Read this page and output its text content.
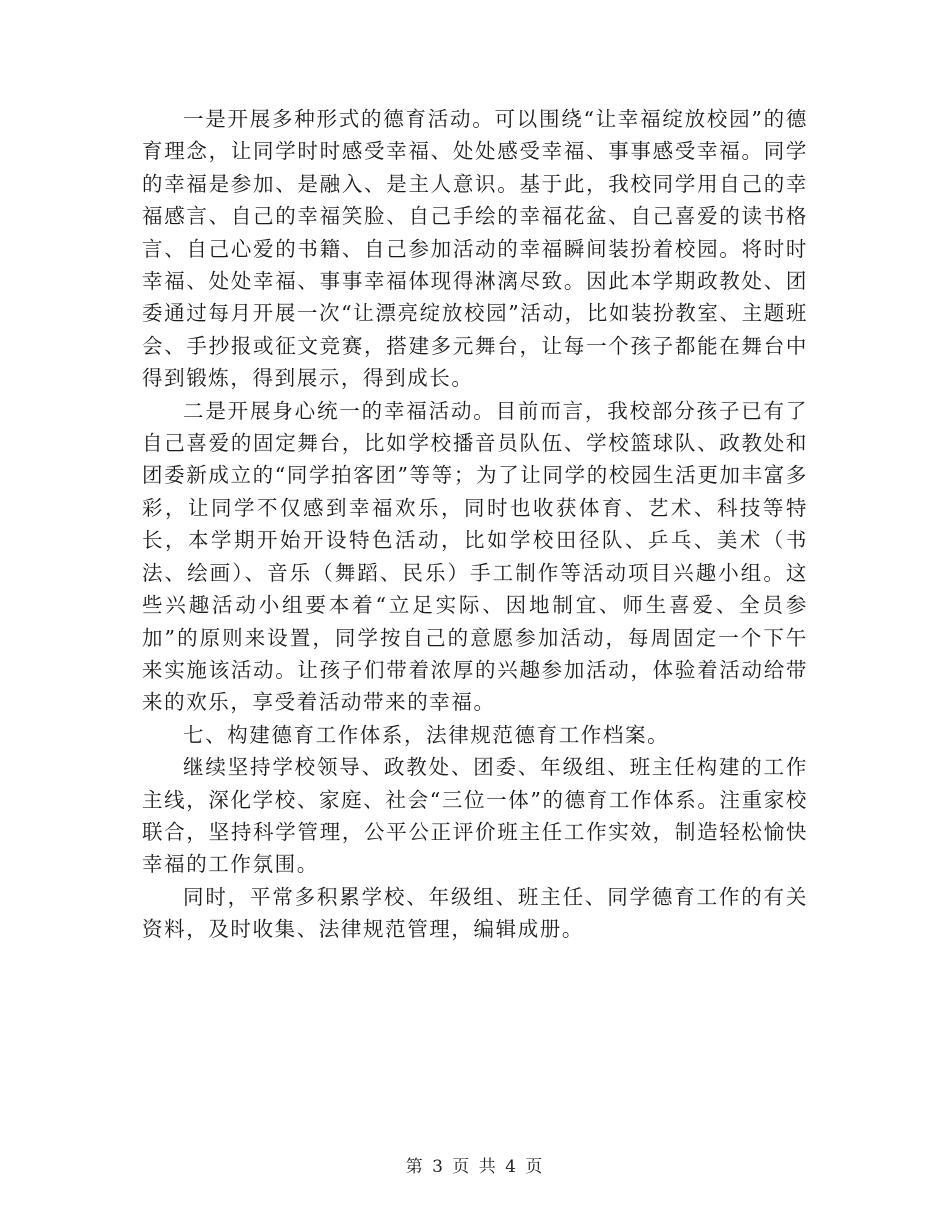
一是开展多种形式的德育活动。可以围绕“让幸福绽放校园”的德育理念，让同学时时感受幸福、处处感受幸福、事事感受幸福。同学的幸福是参加、是融入、是主人意识。基于此，我校同学用自己的幸福感言、自己的幸福笑脸、自己手绘的幸福花盆、自己喜爱的读书格言、自己心爱的书籍、自己参加活动的幸福瞬间装扮着校园。将时时幸福、处处幸福、事事幸福体现得淋漓尽致。因此本学期政教处、团委通过每月开展一次“让漂亮绽放校园”活动，比如装扮教室、主题班会、手抄报或征文竞赛，搭建多元舞台，让每一个孩子都能在舞台中得到锻炼，得到展示，得到成长。

二是开展身心统一的幸福活动。目前而言，我校部分孩子已有了自己喜爱的固定舞台，比如学校播音员队伍、学校篮球队、政教处和团委新成立的“同学拍客团”等等；为了让同学的校园生活更加丰富多彩，让同学不仅感到幸福欢乐，同时也收获体育、艺术、科技等特长，本学期开始开设特色活动，比如学校田径队、乒乓、美术（书法、绘画）、音乐（舞蹈、民乐）手工制作等活动项目兴趣小组。这些兴趣活动小组要本着“立足实际、因地制宜、师生喜爱、全员参加”的原则来设置，同学按自己的意愿参加活动，每周固定一个下午来实施该活动。让孩子们带着浓厚的兴趣参加活动，体验着活动给带来的欢乐，享受着活动带来的幸福。

七、构建德育工作体系，法律规范德育工作档案。

继续坚持学校领导、政教处、团委、年级组、班主任构建的工作主线，深化学校、家庭、社会“三位一体”的德育工作体系。注重家校联合，坚持科学管理，公平公正评价班主任工作实效，制造轻松愉快幸福的工作氛围。

同时，平常多积累学校、年级组、班主任、同学德育工作的有关资料，及时收集、法律规范管理，编辑成册。

第 3 页 共 4 页
